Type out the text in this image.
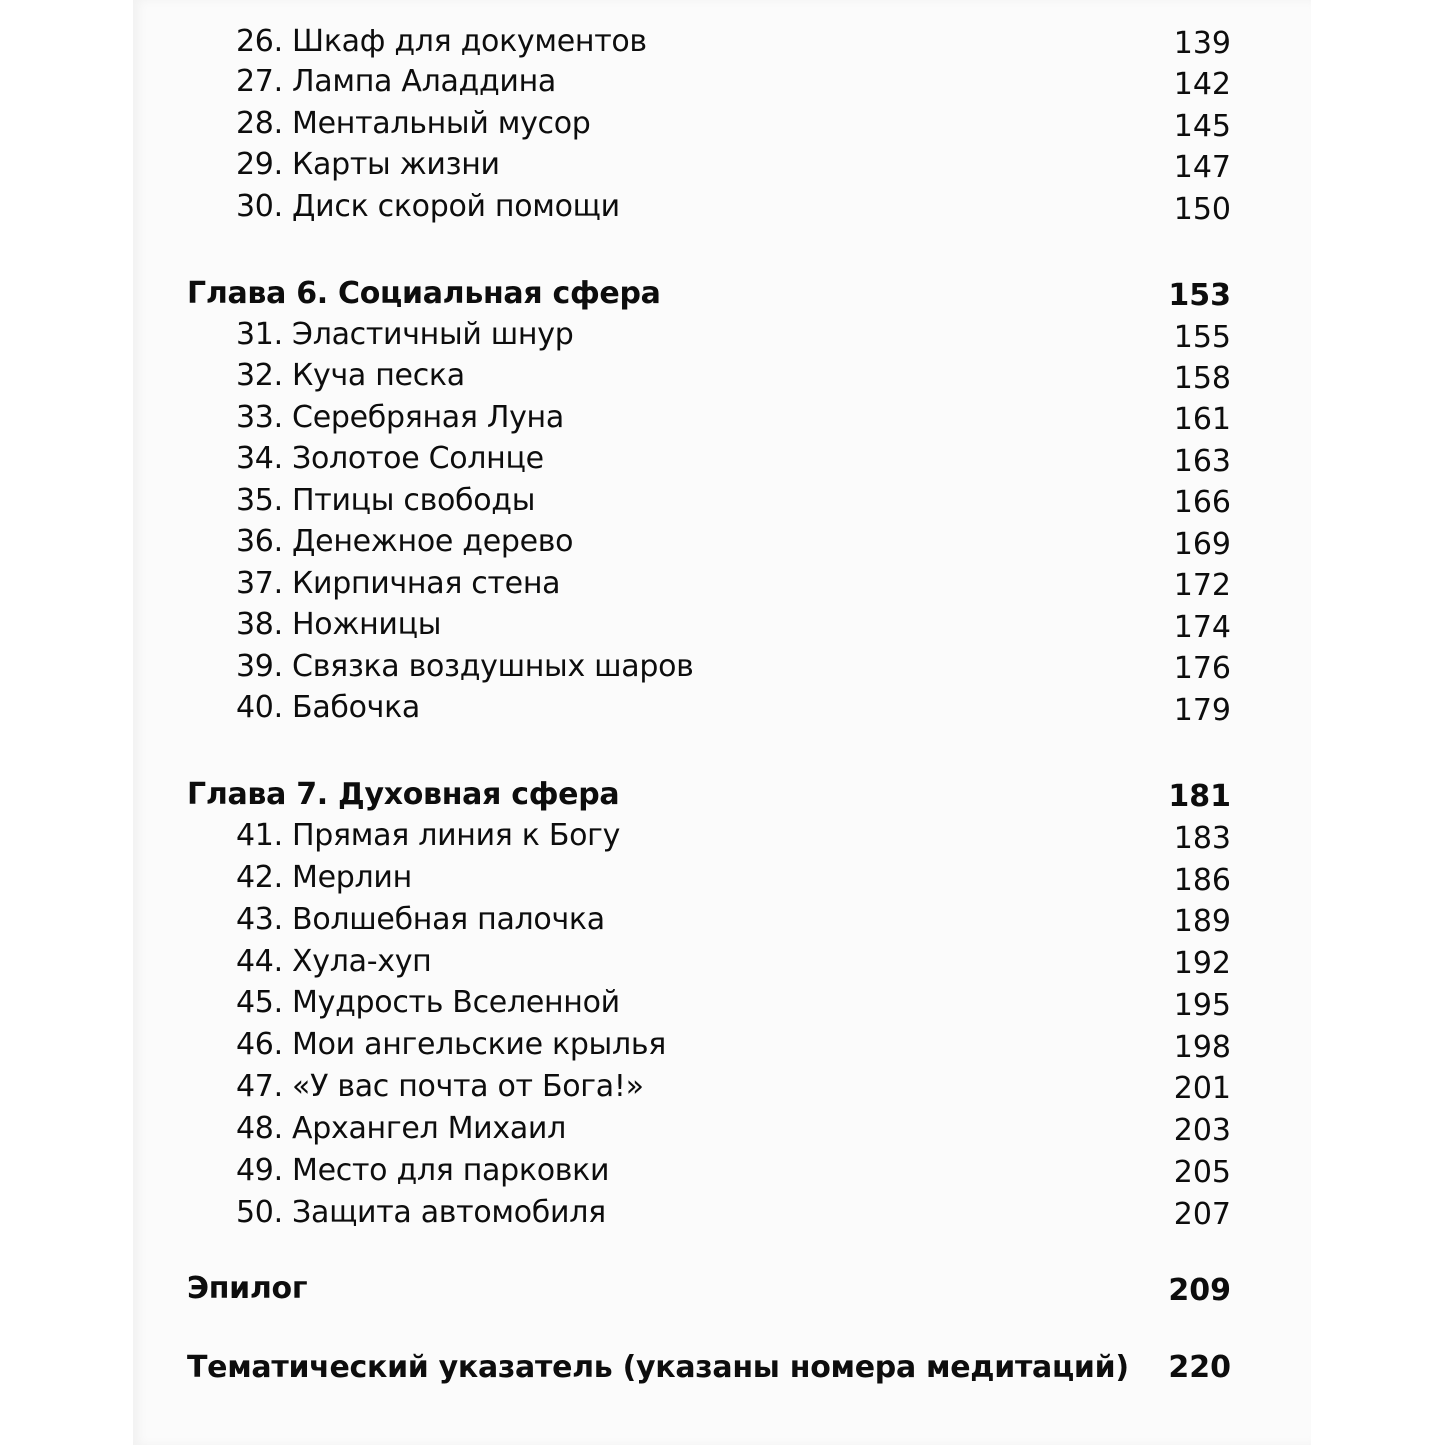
26. Шкаф для документов	139
27. Лампа Аладдина	142
28. Ментальный мусор	145
29. Карты жизни	147
30. Диск скорой помощи	150
Глава 6. Социальная сфера	153
31. Эластичный шнур	155
32. Куча песка	158
33. Серебряная Луна	161
34. Золотое Солнце	163
35. Птицы свободы	166
36. Денежное дерево	169
37. Кирпичная стена	172
38. Ножницы	174
39. Связка воздушных шаров	176
40. Бабочка	179
Глава 7. Духовная сфера	181
41. Прямая линия к Богу	183
42. Мерлин	186
43. Волшебная палочка	189
44. Хула-хуп	192
45. Мудрость Вселенной	195
46. Мои ангельские крылья	198
47. «У вас почта от Бога!»	201
48. Архангел Михаил	203
49. Место для парковки	205
50. Защита автомобиля	207
Эпилог	209
Тематический указатель (указаны номера медитаций) 220
